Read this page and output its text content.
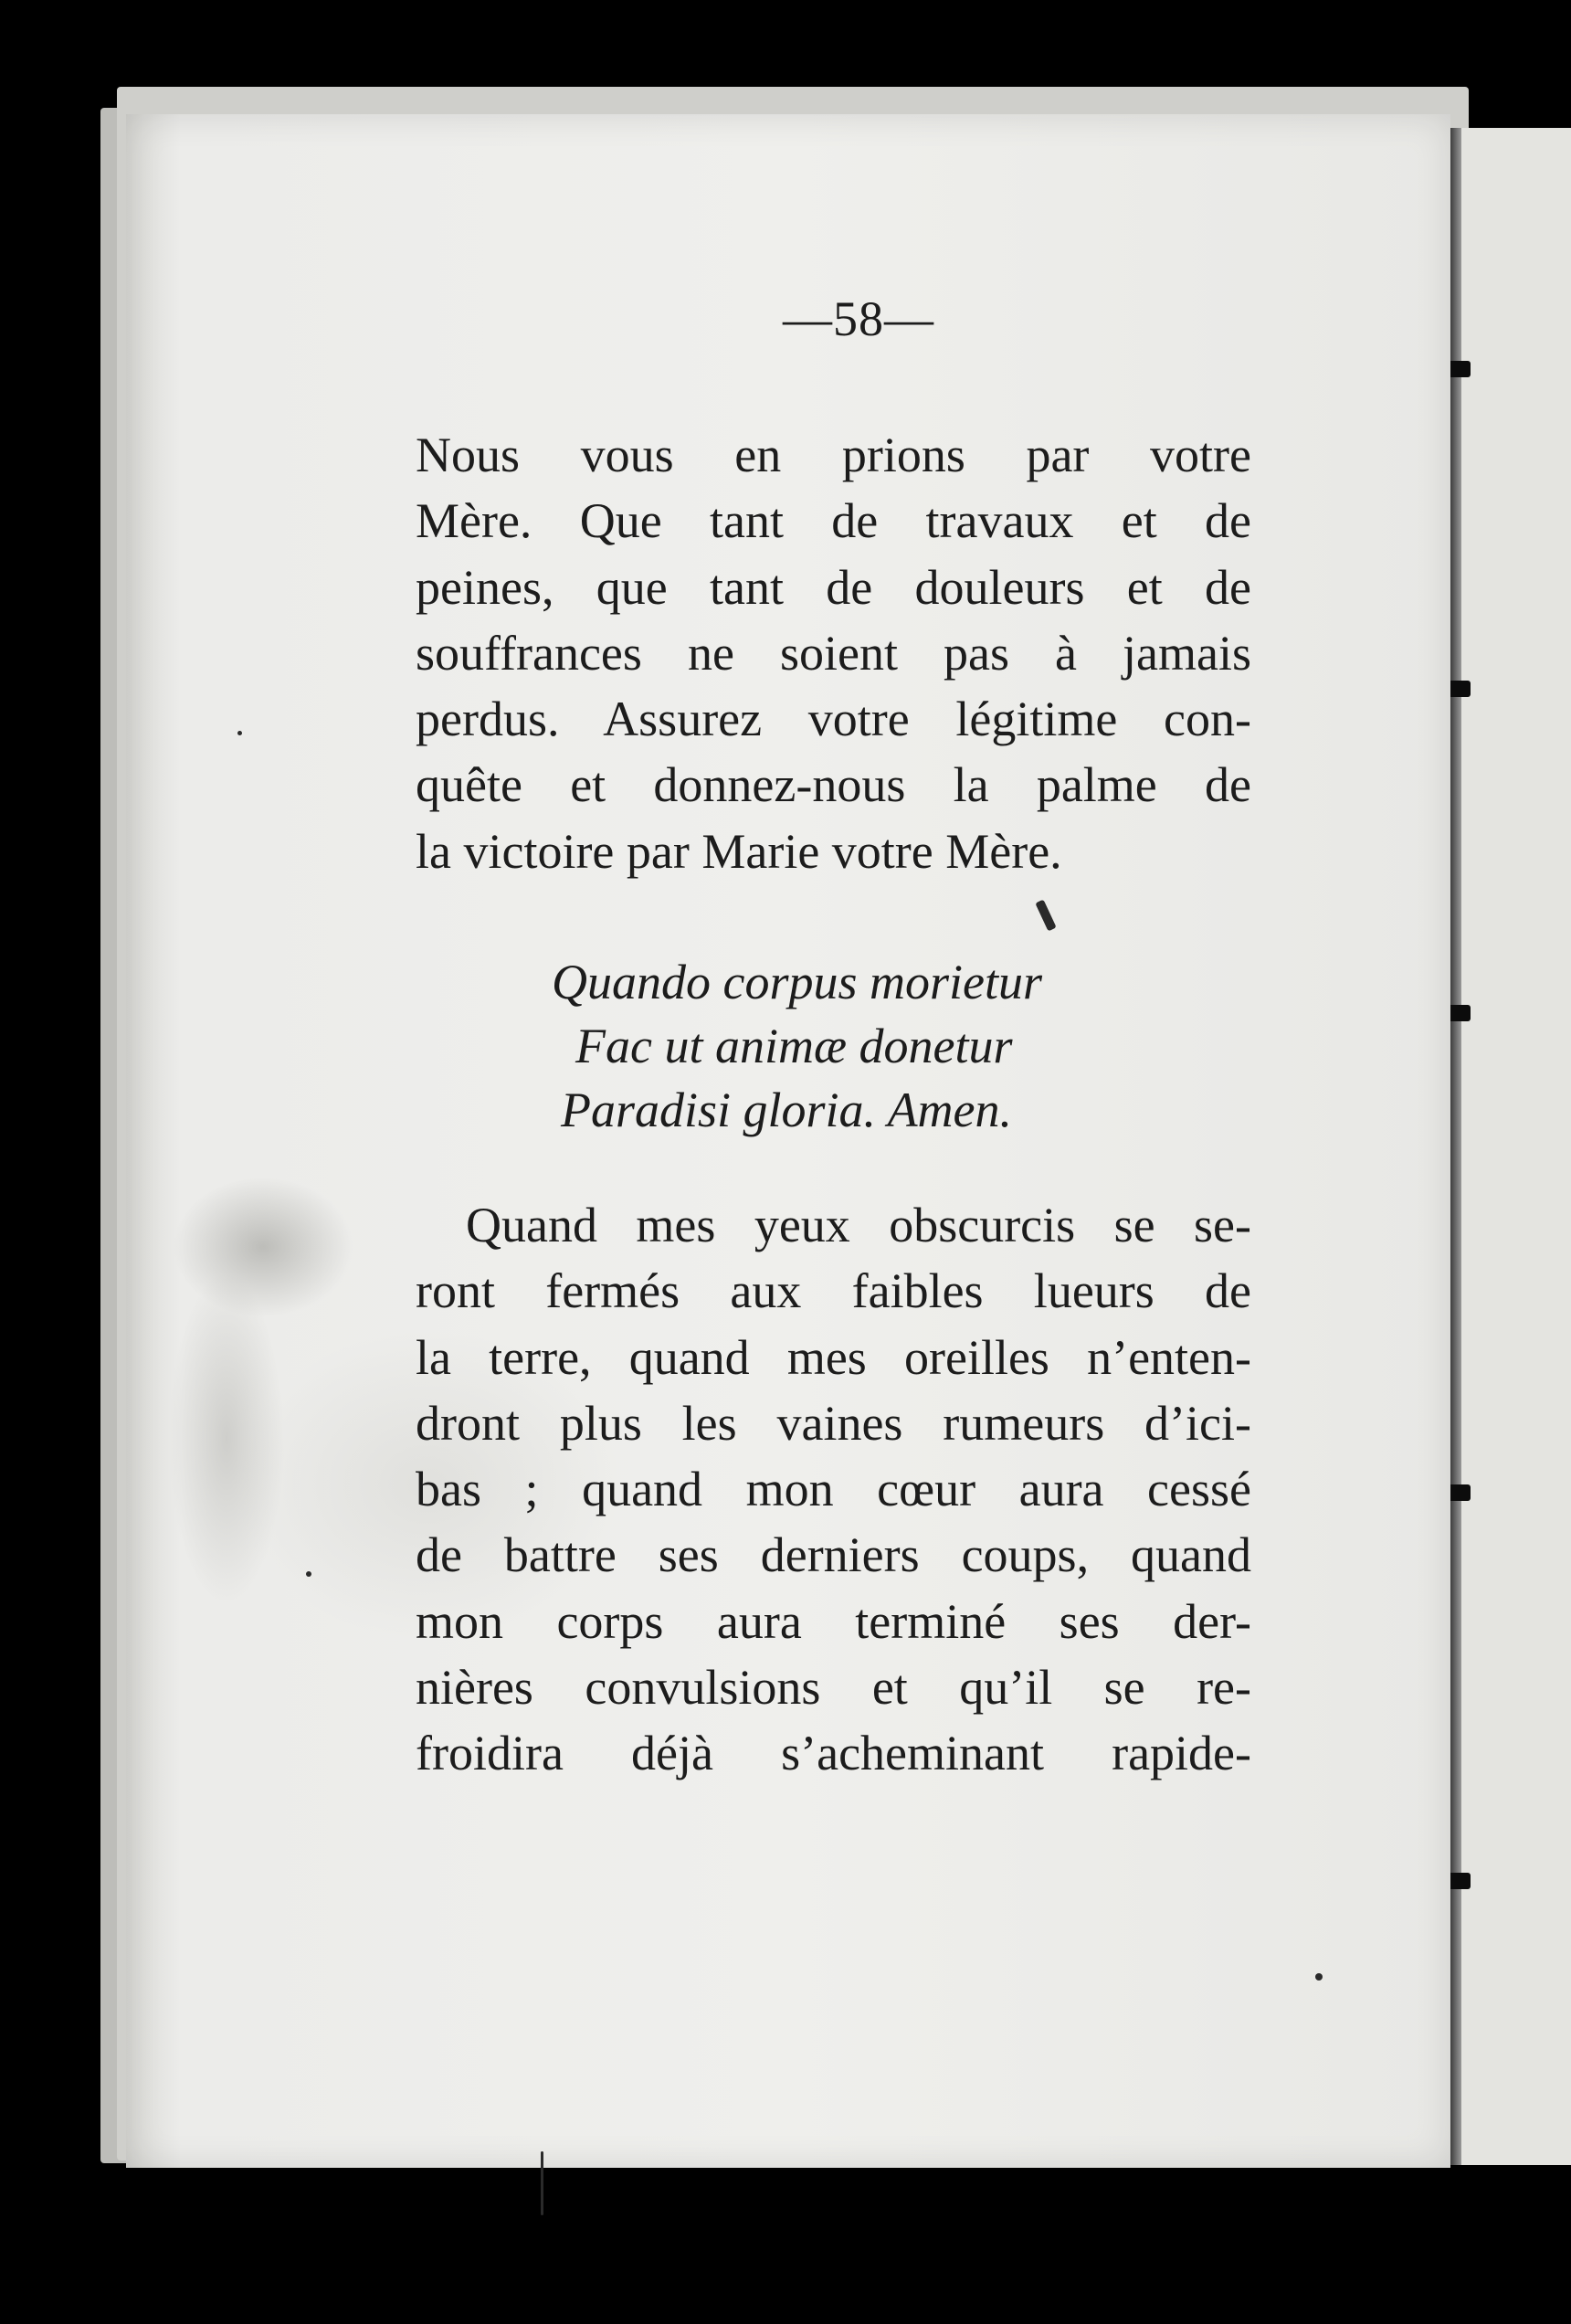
—58—
Nous vous en prions par votre
Mère. Que tant de travaux et de
peines, que tant de douleurs et de
souffrances ne soient pas à jamais
perdus. Assurez votre légitime con-
quête et donnez-nous la palme de
la victoire par Marie votre Mère.
Quando corpus morietur
Fac ut animæ donetur
Paradisi gloria. Amen.
Quand mes yeux obscurcis se se-
ront fermés aux faibles lueurs de
la terre, quand mes oreilles n’enten-
dront plus les vaines rumeurs d’ici-
bas ; quand mon cœur aura cessé
de battre ses derniers coups, quand
mon corps aura terminé ses der-
nières convulsions et qu’il se re-
froidira déjà s’acheminant rapide-
